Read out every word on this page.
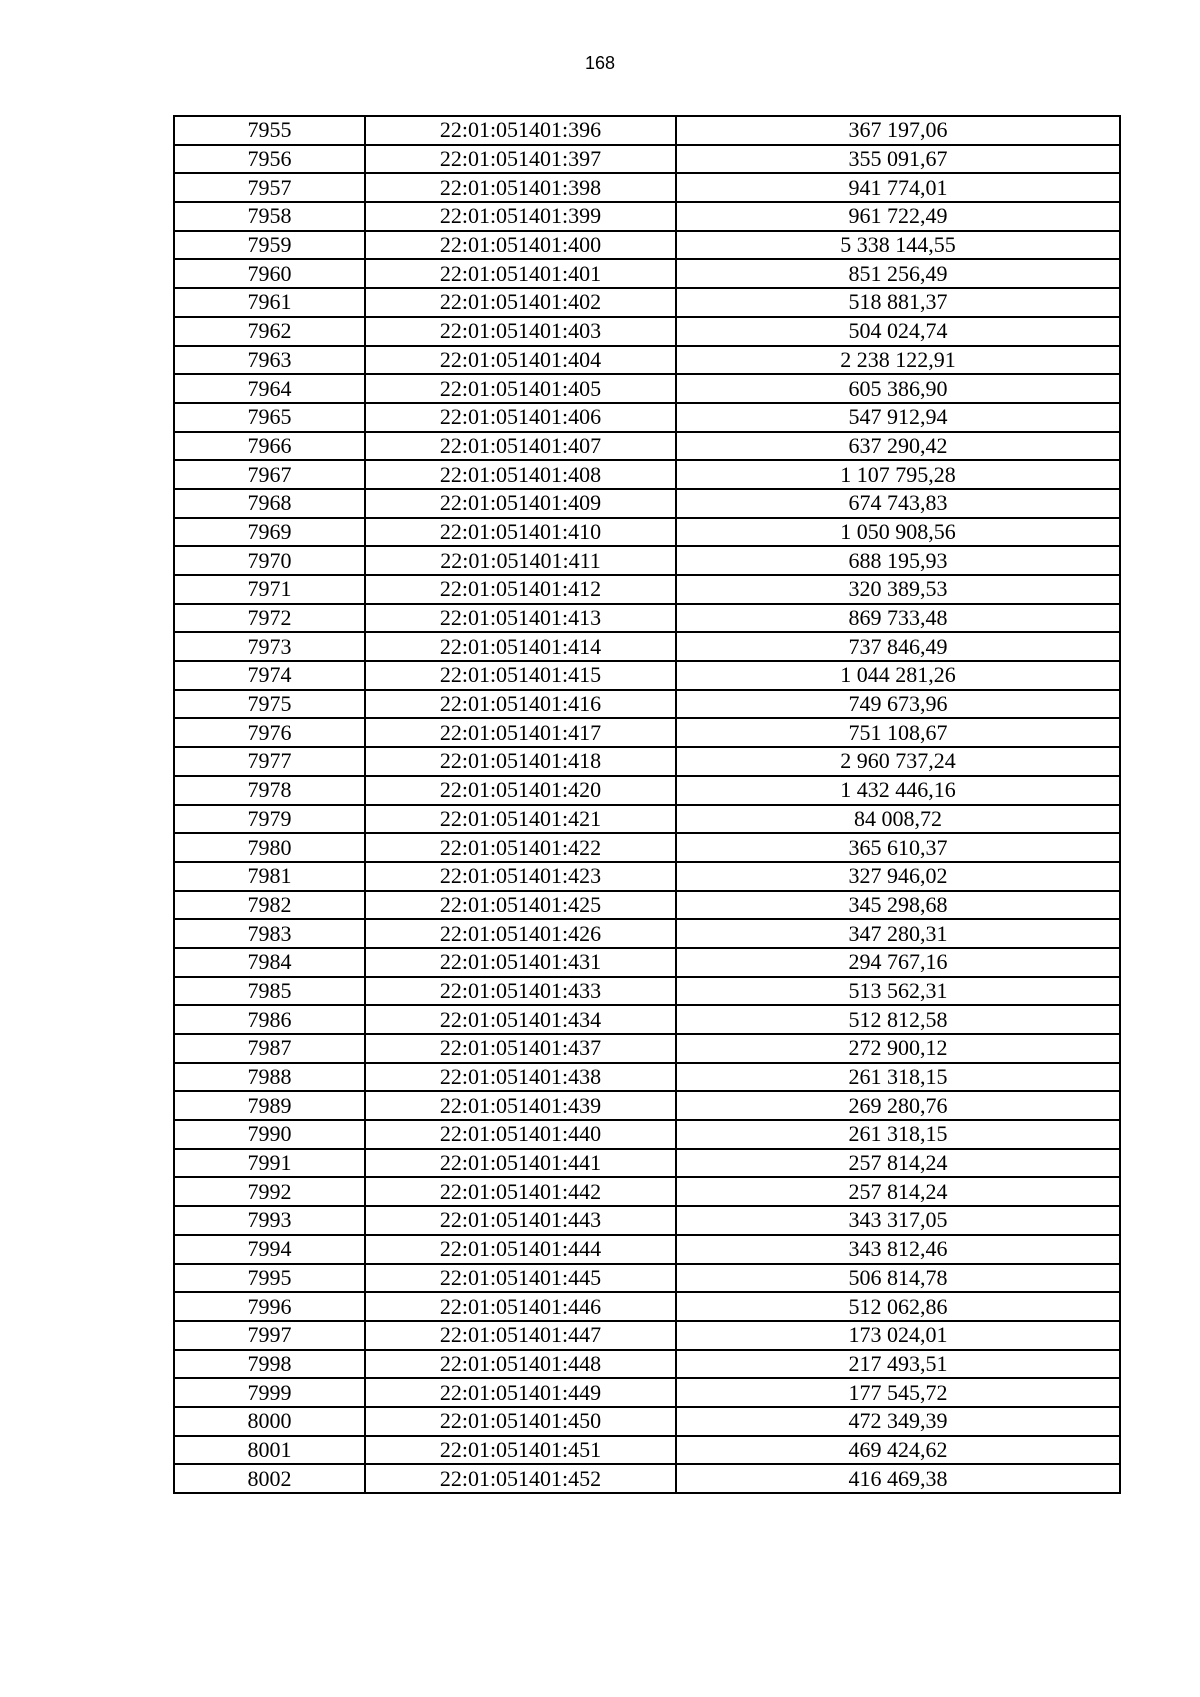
168
7955	22:01:051401:396	367 197,06
7956	22:01:051401:397	355 091,67
7957	22:01:051401:398	941 774,01
7958	22:01:051401:399	961 722,49
7959	22:01:051401:400	5 338 144,55
7960	22:01:051401:401	851 256,49
7961	22:01:051401:402	518 881,37
7962	22:01:051401:403	504 024,74
7963	22:01:051401:404	2 238 122,91
7964	22:01:051401:405	605 386,90
7965	22:01:051401:406	547 912,94
7966	22:01:051401:407	637 290,42
7967	22:01:051401:408	1 107 795,28
7968	22:01:051401:409	674 743,83
7969	22:01:051401:410	1 050 908,56
7970	22:01:051401:411	688 195,93
7971	22:01:051401:412	320 389,53
7972	22:01:051401:413	869 733,48
7973	22:01:051401:414	737 846,49
7974	22:01:051401:415	1 044 281,26
7975	22:01:051401:416	749 673,96
7976	22:01:051401:417	751 108,67
7977	22:01:051401:418	2 960 737,24
7978	22:01:051401:420	1 432 446,16
7979	22:01:051401:421	84 008,72
7980	22:01:051401:422	365 610,37
7981	22:01:051401:423	327 946,02
7982	22:01:051401:425	345 298,68
7983	22:01:051401:426	347 280,31
7984	22:01:051401:431	294 767,16
7985	22:01:051401:433	513 562,31
7986	22:01:051401:434	512 812,58
7987	22:01:051401:437	272 900,12
7988	22:01:051401:438	261 318,15
7989	22:01:051401:439	269 280,76
7990	22:01:051401:440	261 318,15
7991	22:01:051401:441	257 814,24
7992	22:01:051401:442	257 814,24
7993	22:01:051401:443	343 317,05
7994	22:01:051401:444	343 812,46
7995	22:01:051401:445	506 814,78
7996	22:01:051401:446	512 062,86
7997	22:01:051401:447	173 024,01
7998	22:01:051401:448	217 493,51
7999	22:01:051401:449	177 545,72
8000	22:01:051401:450	472 349,39
8001	22:01:051401:451	469 424,62
8002	22:01:051401:452	416 469,38
